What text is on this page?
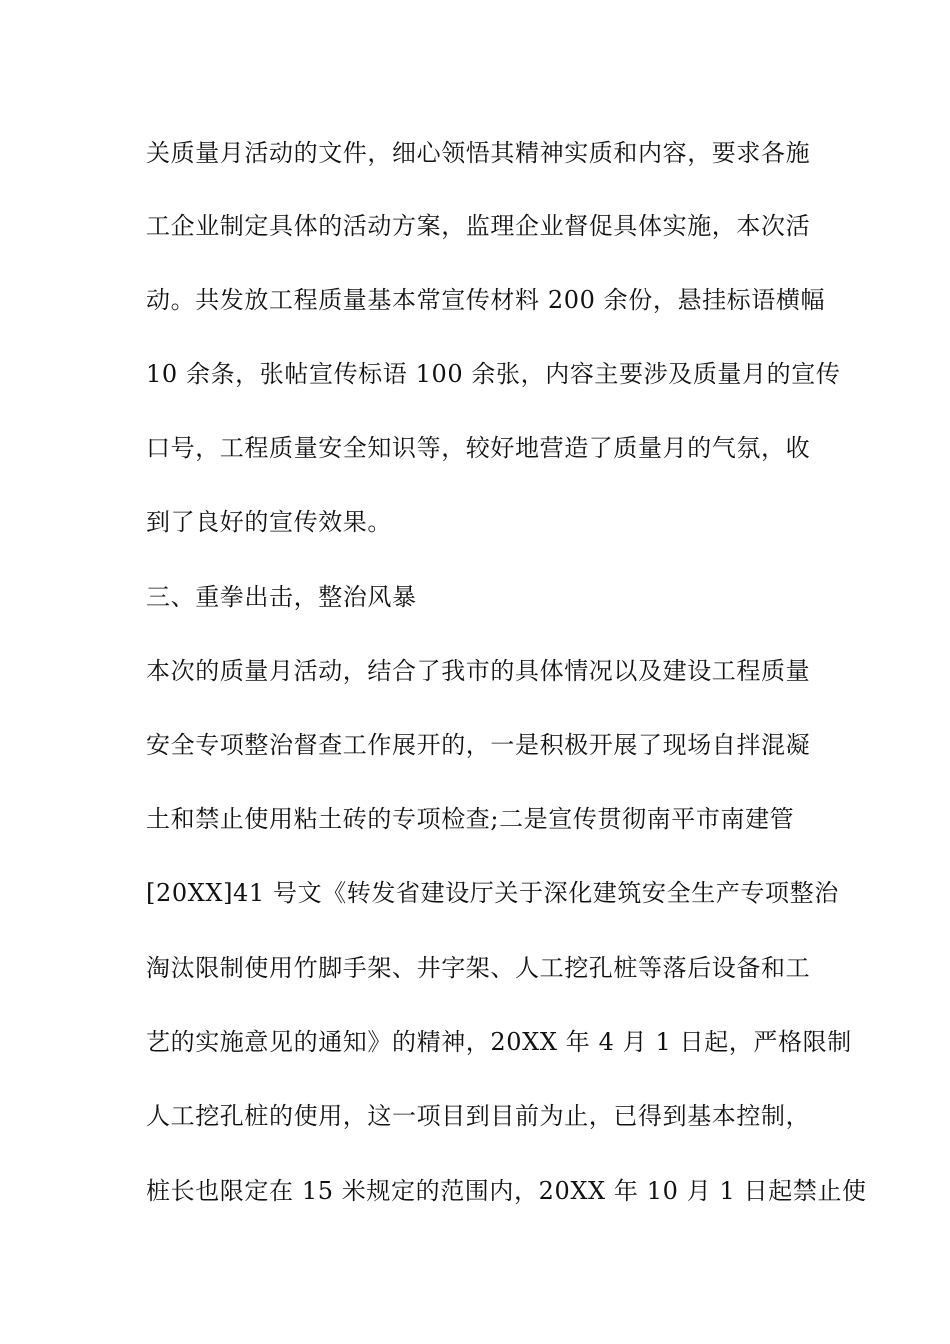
关质量月活动的文件，细心领悟其精神实质和内容，要求各施
工企业制定具体的活动方案，监理企业督促具体实施，本次活
动。共发放工程质量基本常宣传材料 200 余份，悬挂标语横幅
10 余条，张帖宣传标语 100 余张，内容主要涉及质量月的宣传
口号，工程质量安全知识等，较好地营造了质量月的气氛，收
到了良好的宣传效果。
三、重拳出击，整治风暴
本次的质量月活动，结合了我市的具体情况以及建设工程质量
安全专项整治督查工作展开的，一是积极开展了现场自拌混凝
土和禁止使用粘土砖的专项检查;二是宣传贯彻南平市南建管
[20XX]41 号文《转发省建设厅关于深化建筑安全生产专项整治
淘汰限制使用竹脚手架、井字架、人工挖孔桩等落后设备和工
艺的实施意见的通知》的精神，20XX 年 4 月 1 日起，严格限制
人工挖孔桩的使用，这一项目到目前为止，已得到基本控制，
桩长也限定在 15 米规定的范围内，20XX 年 10 月 1 日起禁止使
